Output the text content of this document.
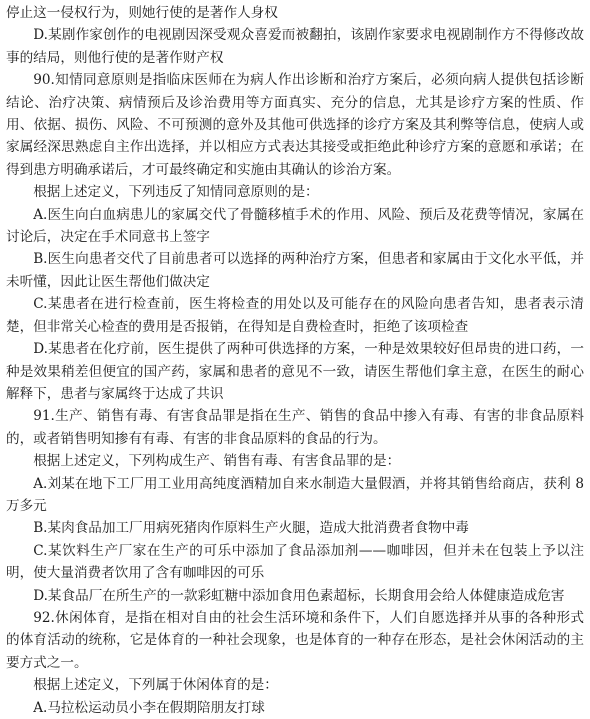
停止这一侵权行为，则她行使的是著作人身权

D.某剧作家创作的电视剧因深受观众喜爱而被翻拍，该剧作家要求电视剧制作方不得修改故事的结局，则他行使的是著作财产权

90.知情同意原则是指临床医师在为病人作出诊断和治疗方案后，必须向病人提供包括诊断结论、治疗决策、病情预后及诊治费用等方面真实、充分的信息，尤其是诊疗方案的性质、作用、依据、损伤、风险、不可预测的意外及其他可供选择的诊疗方案及其利弊等信息，使病人或家属经深思熟虑自主作出选择，并以相应方式表达其接受或拒绝此种诊疗方案的意愿和承诺；在得到患方明确承诺后，才可最终确定和实施由其确认的诊治方案。

根据上述定义，下列违反了知情同意原则的是：

A.医生向白血病患儿的家属交代了骨髓移植手术的作用、风险、预后及花费等情况，家属在讨论后，决定在手术同意书上签字

B.医生向患者交代了目前患者可以选择的两种治疗方案，但患者和家属由于文化水平低，并未听懂，因此让医生帮他们做决定

C.某患者在进行检查前，医生将检查的用处以及可能存在的风险向患者告知，患者表示清楚，但非常关心检查的费用是否报销，在得知是自费检查时，拒绝了该项检查

D.某患者在化疗前，医生提供了两种可供选择的方案，一种是效果较好但昂贵的进口药，一种是效果稍差但便宜的国产药，家属和患者的意见不一致，请医生帮他们拿主意，在医生的耐心解释下，患者与家属终于达成了共识

91.生产、销售有毒、有害食品罪是指在生产、销售的食品中掺入有毒、有害的非食品原料的，或者销售明知掺有有毒、有害的非食品原料的食品的行为。

根据上述定义，下列构成生产、销售有毒、有害食品罪的是：

A.刘某在地下工厂用工业用高纯度酒精加自来水制造大量假酒，并将其销售给商店，获利 8 万多元

B.某肉食品加工厂用病死猪肉作原料生产火腿，造成大批消费者食物中毒

C.某饮料生产厂家在生产的可乐中添加了食品添加剂——咖啡因，但并未在包装上予以注明，使大量消费者饮用了含有咖啡因的可乐

D.某食品厂在所生产的一款彩虹糖中添加食用色素超标，长期食用会给人体健康造成危害

92.休闲体育，是指在相对自由的社会生活环境和条件下，人们自愿选择并从事的各种形式的体育活动的统称，它是体育的一种社会现象，也是体育的一种存在形态，是社会休闲活动的主要方式之一。

根据上述定义，下列属于休闲体育的是：

A.马拉松运动员小李在假期陪朋友打球
